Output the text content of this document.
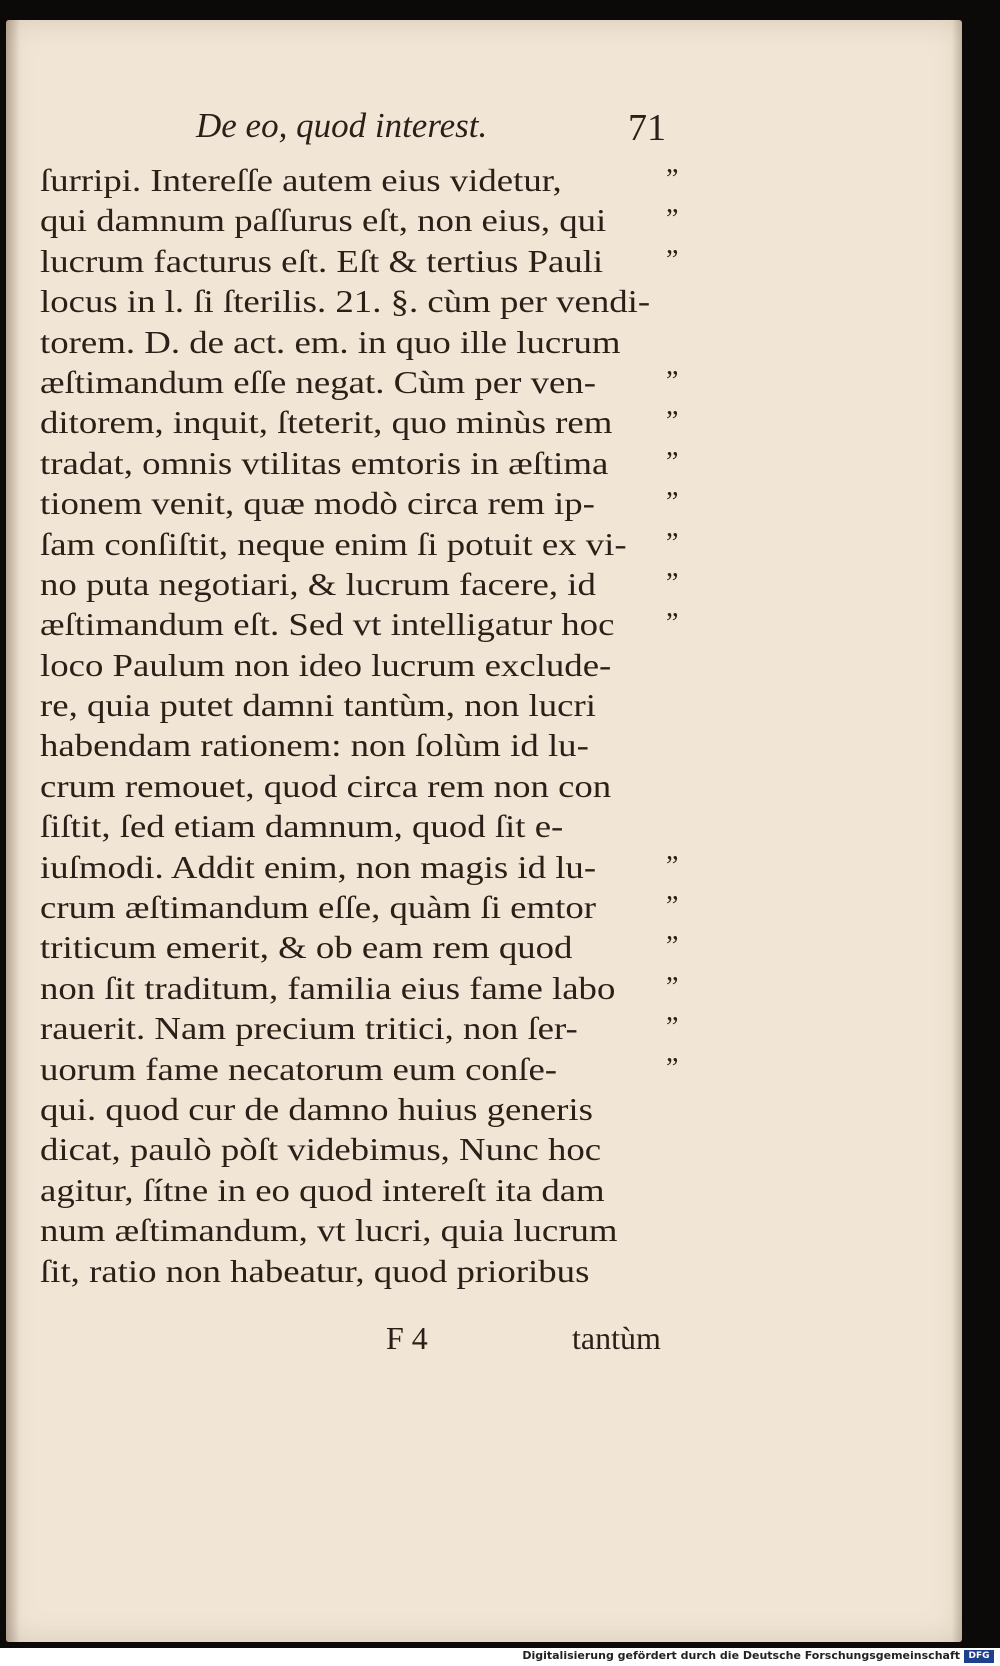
De eo, quod interest.	71
ſurripi. Intereſſe autem eius videtur,
qui damnum paſſurus eſt, non eius, qui
lucrum facturus eſt. Eſt & tertius Pauli
locus in l. ſi ſterilis. 21. §. cùm per vendi-
torem. D. de act. em. in quo ille lucrum
æſtimandum eſſe negat. Cùm per ven-
ditorem, inquit, ſteterit, quo minùs rem
tradat, omnis vtilitas emtoris in æſtima
tionem venit, quæ modò circa rem ip-
ſam conſiſtit, neque enim ſi potuit ex vi-
no puta negotiari, & lucrum facere, id
æſtimandum eſt. Sed vt intelligatur hoc
loco Paulum non ideo lucrum exclude-
re, quia putet damni tantùm, non lucri
habendam rationem: non ſolùm id lu-
crum remouet, quod circa rem non con
ſiſtit, ſed etiam damnum, quod ſit e-
iuſmodi. Addit enim, non magis id lu-
crum æſtimandum eſſe, quàm ſi emtor
triticum emerit, & ob eam rem quod
non ſit traditum, familia eius fame labo
rauerit. Nam precium tritici, non ſer-
uorum fame necatorum eum conſe-
qui. quod cur de damno huius generis
dicat, paulò pòſt videbimus, Nunc hoc
agitur, ſítne in eo quod intereſt ita dam
num æſtimandum, vt lucri, quia lucrum
ſit, ratio non habeatur, quod prioribus
”
”
”
”
”
”
”
”
”
”
”
”
”
”
”
”
F 4	tantùm
Digitalisierung gefördert durch die Deutsche Forschungsgemeinschaft DFG
